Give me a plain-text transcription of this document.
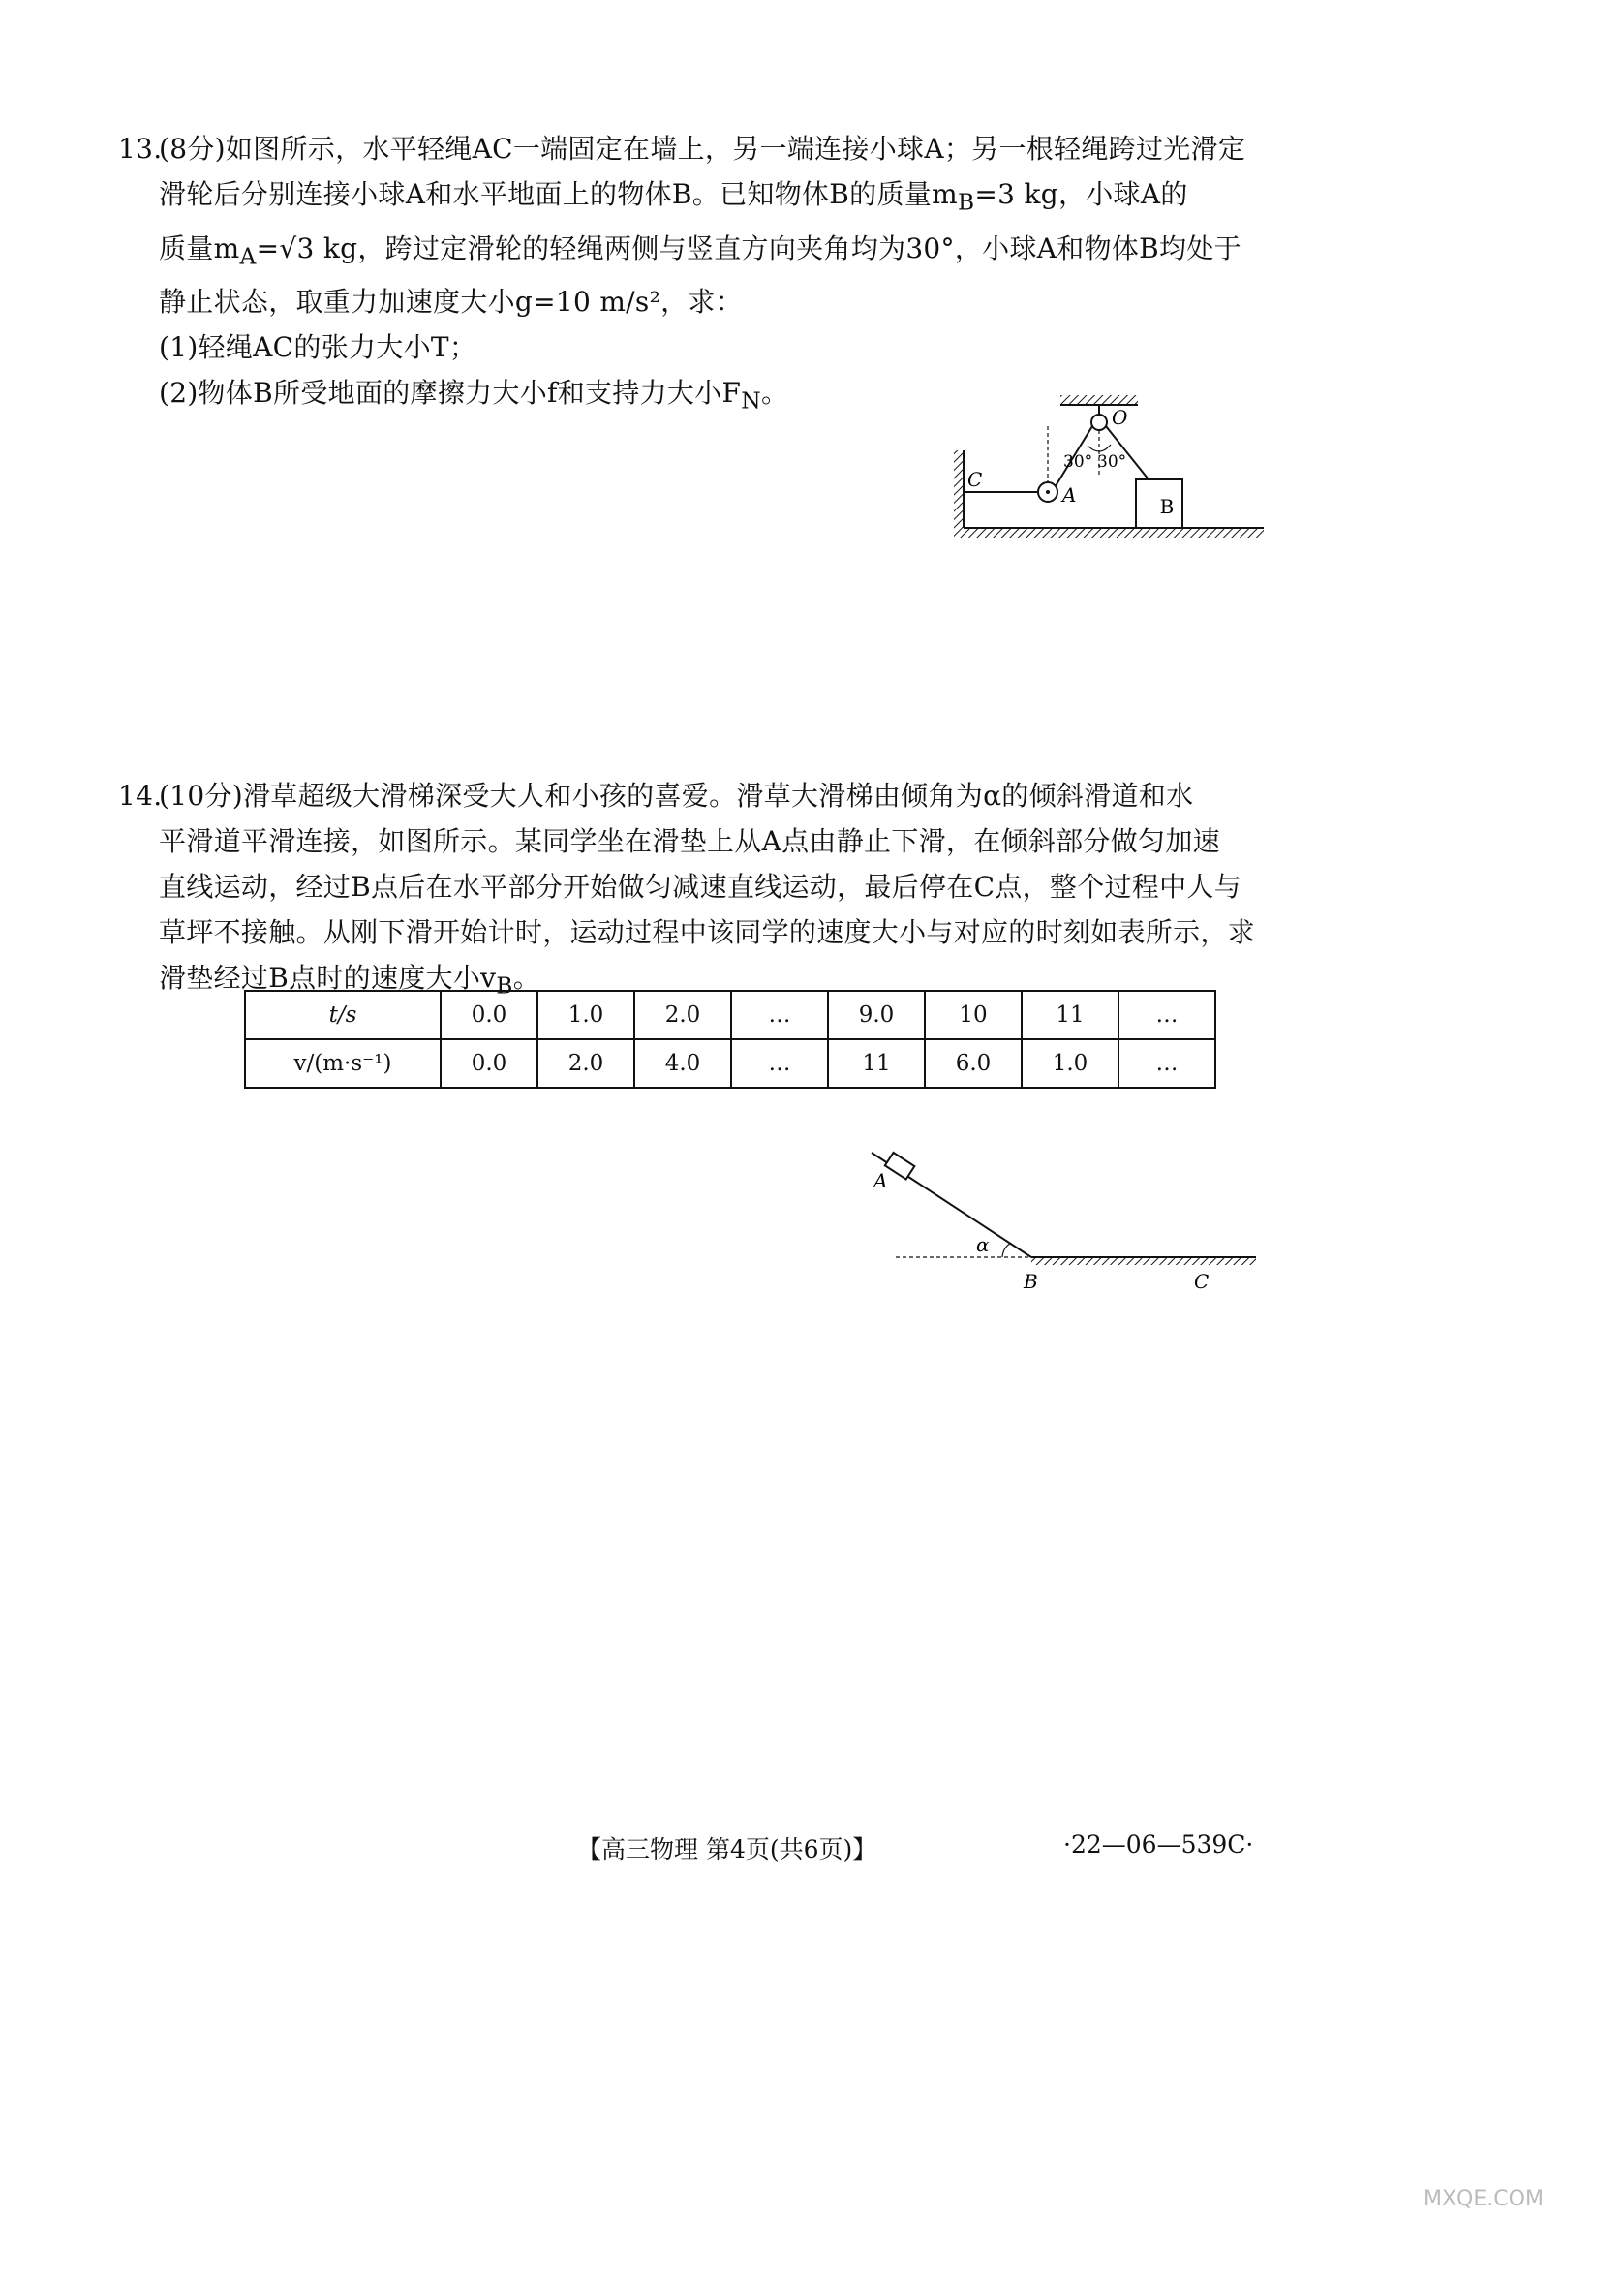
13.(8分)如图所示，水平轻绳AC一端固定在墙上，另一端连接小球A；另一根轻绳跨过光滑定

滑轮后分别连接小球A和水平地面上的物体B。已知物体B的质量$m_B=3$ kg，小球A的

质量$m_A=√3$ kg，跨过定滑轮的轻绳两侧与竖直方向夹角均为30°，小球A和物体B均处于

静止状态，取重力加速度大小g=10 m/s²，求：

(1)轻绳AC的张力大小T；

(2)物体B所受地面的摩擦力大小f和支持力大小$F_N$。

C
A	B
O
30° 30°

14.(10分)滑草超级大滑梯深受大人和小孩的喜爱。滑草大滑梯由倾角为α的倾斜滑道和水

平滑道平滑连接，如图所示。某同学坐在滑垫上从A点由静止下滑，在倾斜部分做匀加速

直线运动，经过B点后在水平部分开始做匀减速直线运动，最后停在C点，整个过程中人与

草坪不接触。从刚下滑开始计时，运动过程中该同学的速度大小与对应的时刻如表所示，求

滑垫经过B点时的速度大小$v_B$。

t/s	0.0	1.0	2.0	…	9.0	10	11	…
v/(m·s⁻¹)	0.0	2.0	4.0	…	11	6.0	1.0	…
A
α
B	C
【高三物理 第4页(共6页)】	·22—06—539C·
MXQE.COM
